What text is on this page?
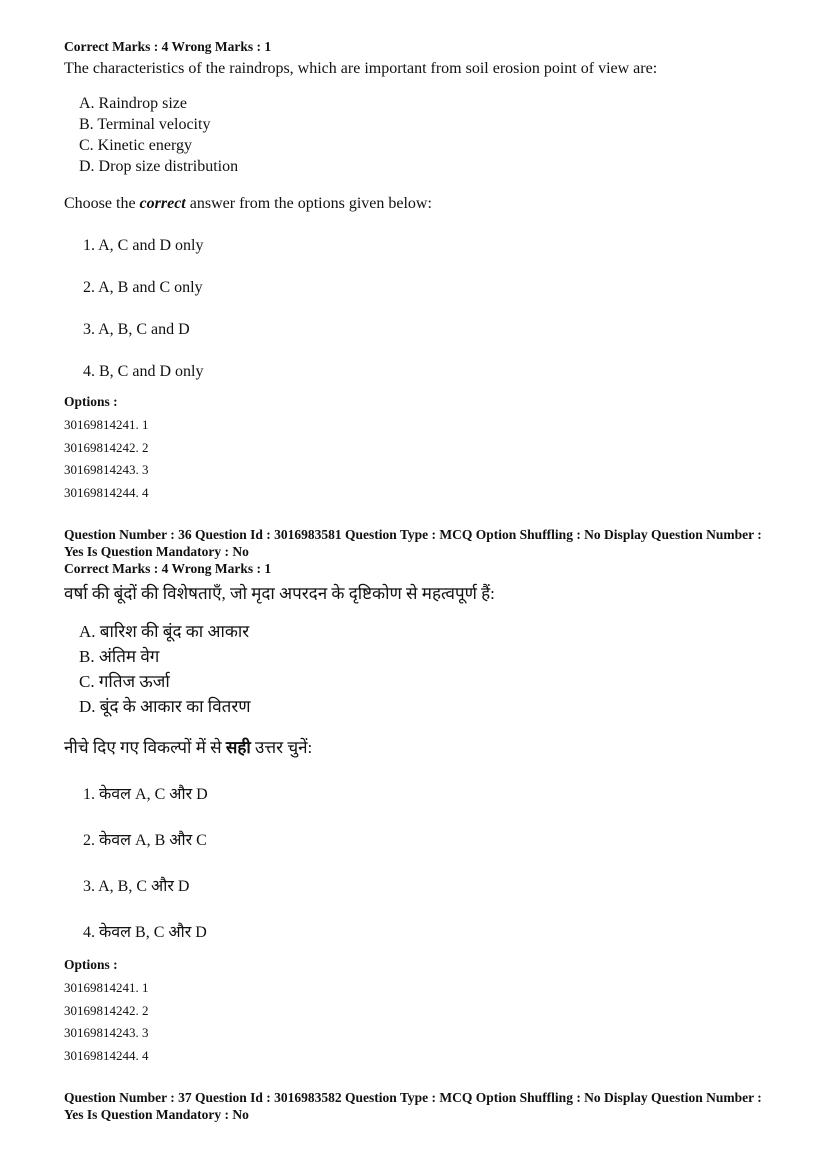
Correct Marks : 4 Wrong Marks : 1
The characteristics of the raindrops, which are important from soil erosion point of view are:
A. Raindrop size
B. Terminal velocity
C. Kinetic energy
D. Drop size distribution
Choose the correct answer from the options given below:
1. A, C and D only
2. A, B and C only
3. A, B, C and D
4. B, C and D only
Options :
30169814241. 1
30169814242. 2
30169814243. 3
30169814244. 4
Question Number : 36 Question Id : 3016983581 Question Type : MCQ Option Shuffling : No Display Question Number : Yes Is Question Mandatory : No
Correct Marks : 4 Wrong Marks : 1
वर्षा की बूंदों की विशेषताएँ, जो मृदा अपरदन के दृष्टिकोण से महत्वपूर्ण हैं:
A. बारिश की बूंद का आकार
B. अंतिम वेग
C. गतिज ऊर्जा
D. बूंद के आकार का वितरण
नीचे दिए गए विकल्पों में से सही उत्तर चुनें:
1. केवल A, C और D
2. केवल A, B और C
3. A, B, C और D
4. केवल B, C और D
Options :
30169814241. 1
30169814242. 2
30169814243. 3
30169814244. 4
Question Number : 37 Question Id : 3016983582 Question Type : MCQ Option Shuffling : No Display Question Number : Yes Is Question Mandatory : No
